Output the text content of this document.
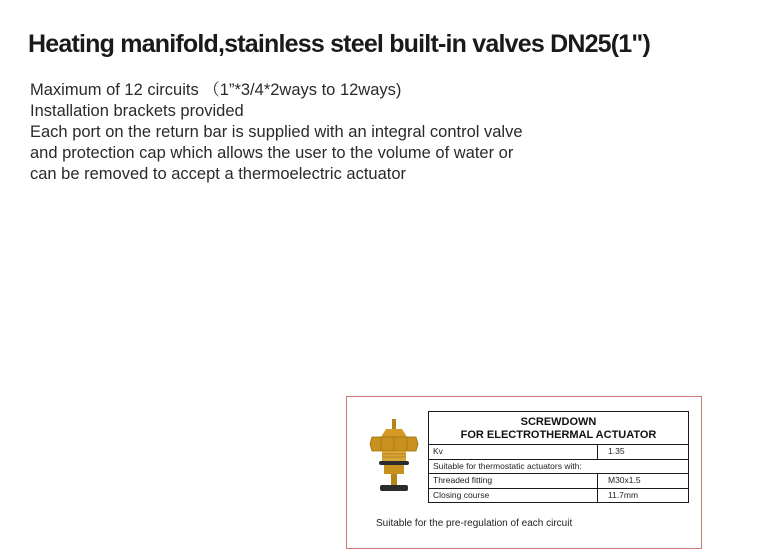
Heating manifold,stainless steel built-in valves DN25(1")
Maximum of 12 circuits （1”*3/4*2ways to 12ways)
Installation brackets provided
Each port on the return bar is supplied with an integral control valve
and protection cap which allows the user to the volume of water or
can be removed to accept a thermoelectric actuator
SCREWDOWN
FOR ELECTROTHERMAL ACTUATOR
Kv	1.35
Suitable for thermostatic actuators with:
Threaded fitting	M30x1.5
Closing course	11.7mm
Suitable for the pre-regulation of each circuit
